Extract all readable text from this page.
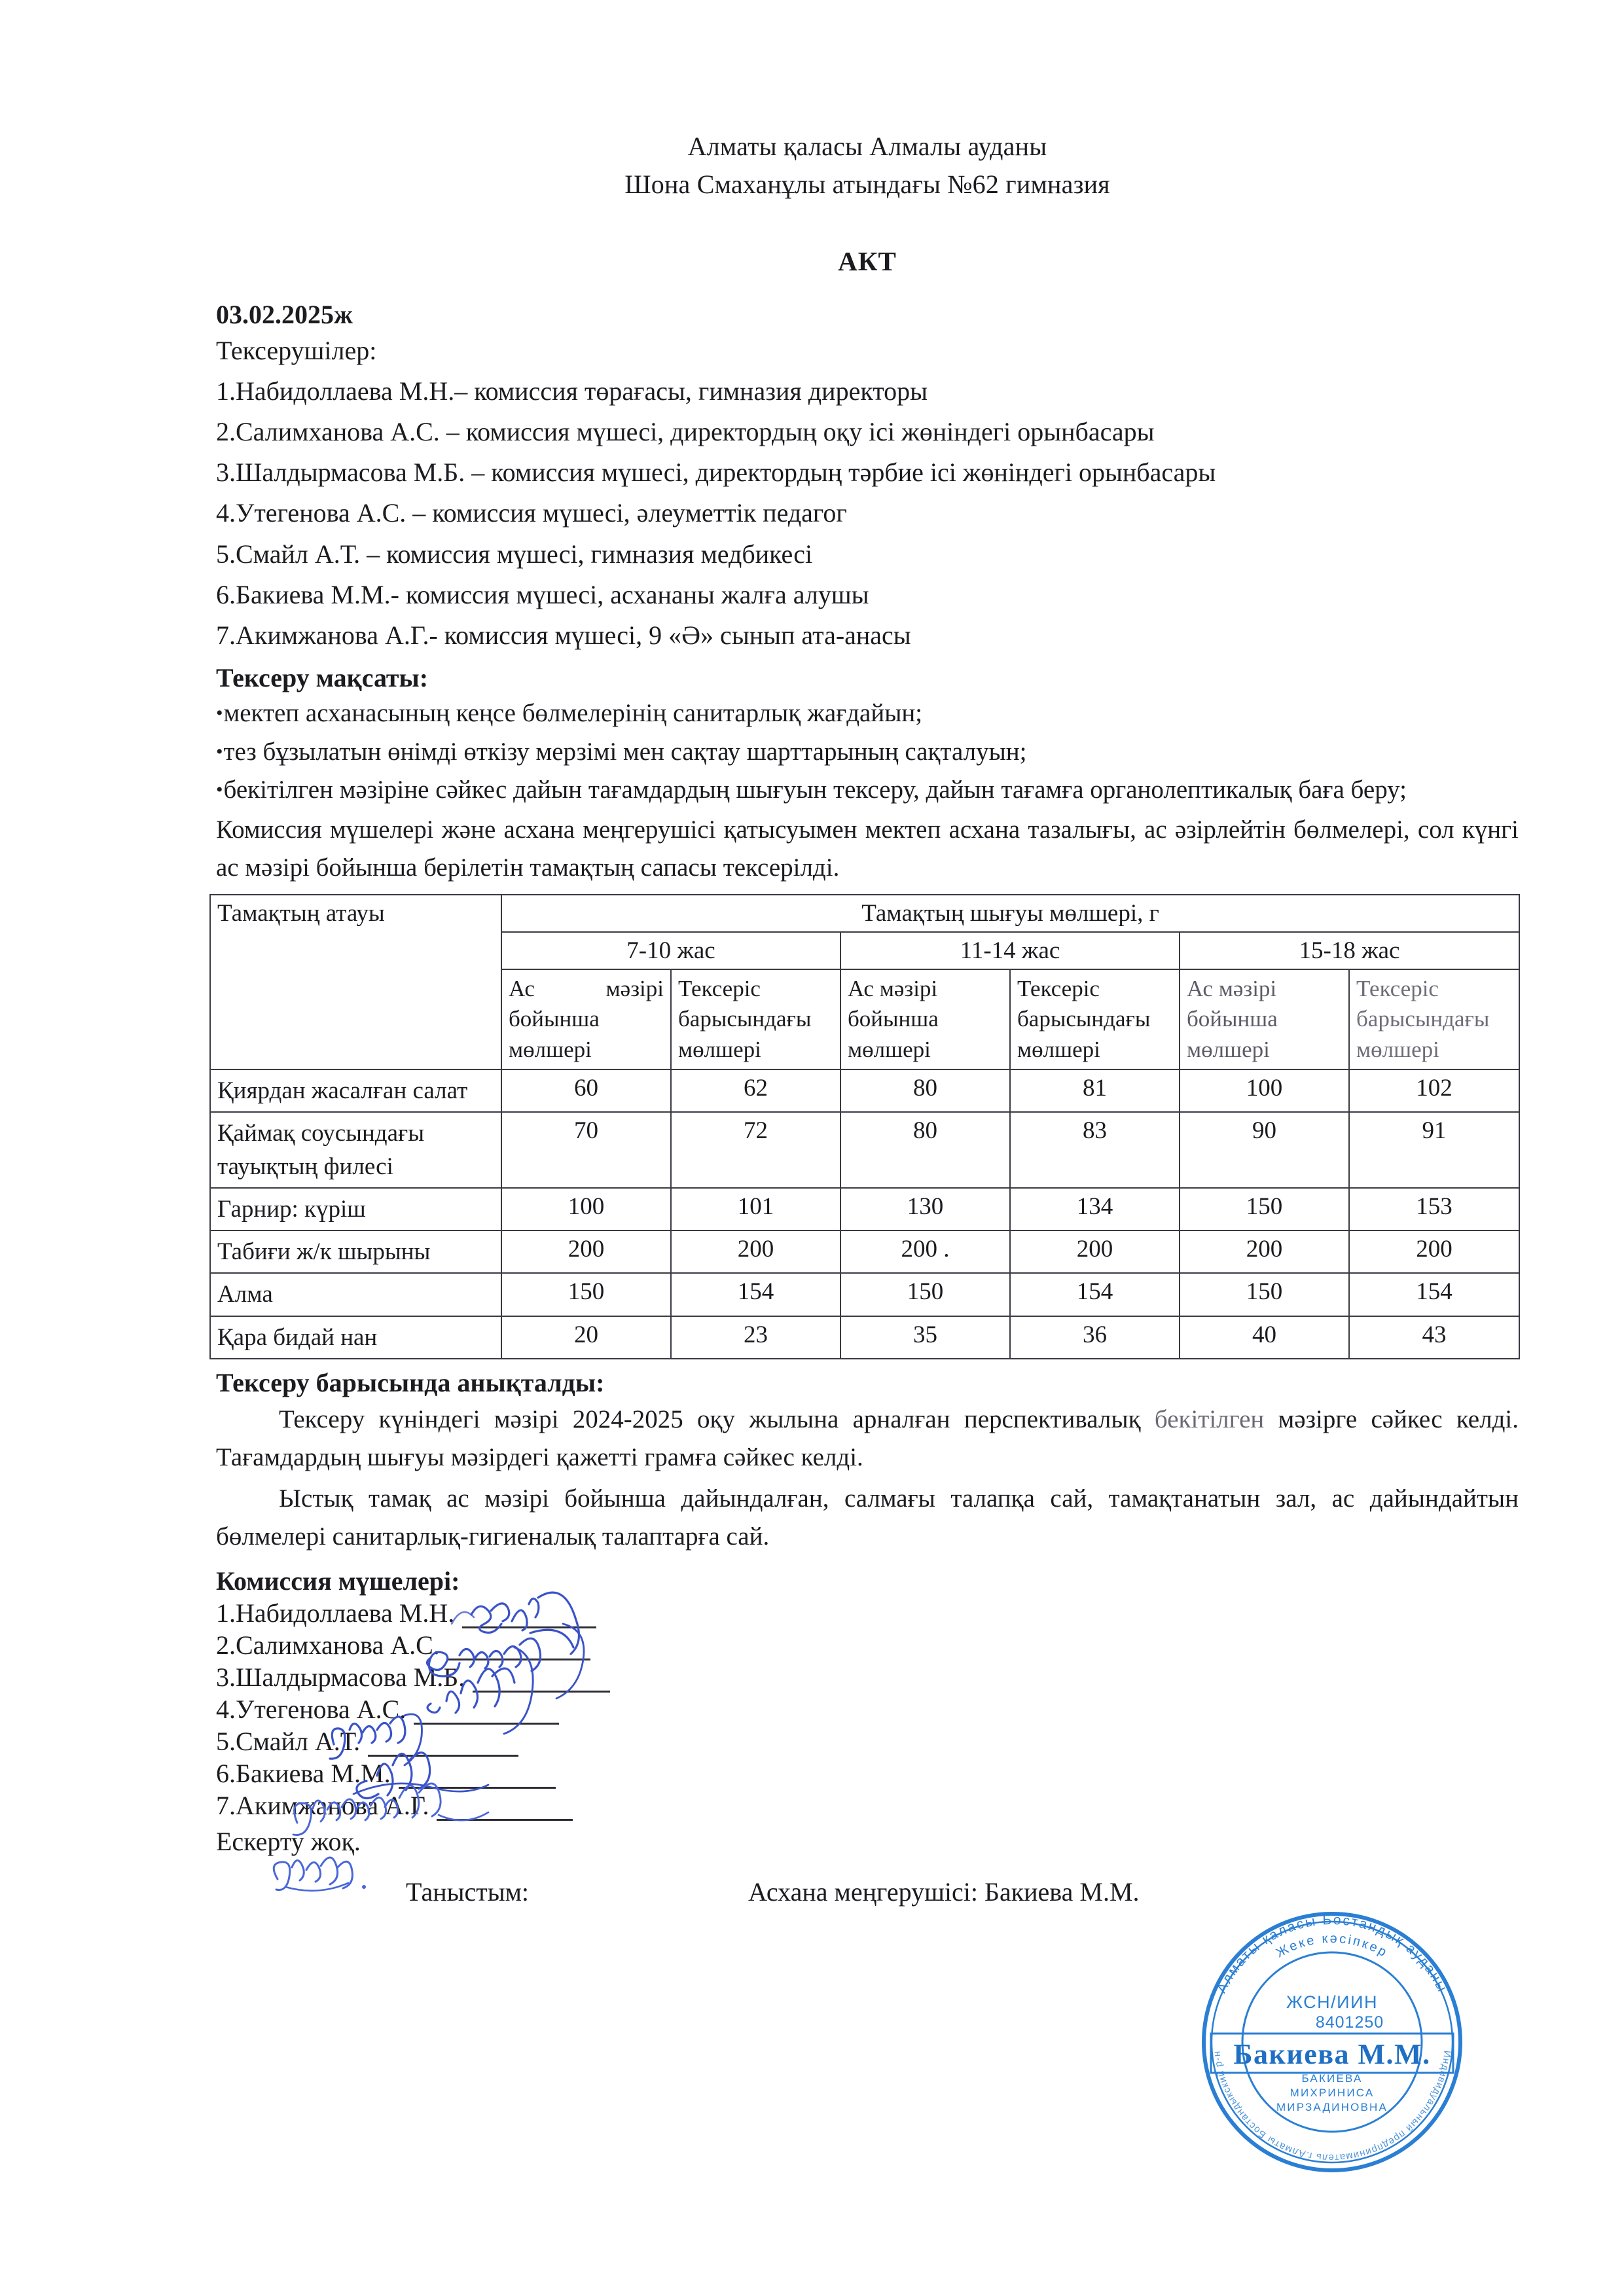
Алматы қаласы Алмалы ауданы
Шона Смаханұлы атындағы №62 гимназия
АКТ
03.02.2025ж
Тексерушілер:
1.Набидоллаева М.Н.– комиссия төрағасы, гимназия директоры
2.Салимханова А.С. – комиссия мүшесі, директордың оқу ісі жөніндегі орынбасары
3.Шалдырмасова М.Б. – комиссия мүшесі, директордың тәрбие ісі жөніндегі орынбасары
4.Утегенова А.С. – комиссия мүшесі, әлеуметтік педагог
5.Смайл А.Т. – комиссия мүшесі, гимназия медбикесі
6.Бакиева М.М.- комиссия мүшесі, асхананы жалға алушы
7.Акимжанова А.Г.- комиссия мүшесі, 9 «Ә» сынып ата-анасы
Тексеру мақсаты:

• мектеп асханасының кеңсе бөлмелерінің санитарлық жағдайын;

• тез бұзылатын өнімді өткізу мерзімі мен сақтау шарттарының сақталуын;

• бекітілген мәзіріне сәйкес дайын тағамдардың шығуын тексеру, дайын тағамға органолептикалық баға беру;

Комиссия мүшелері және асхана меңгерушісі қатысуымен мектеп асхана тазалығы, ас әзірлейтін бөлмелері, сол күнгі ас мәзірі бойынша берілетін тамақтың сапасы тексерілді.
Тамақтың атауы	Тамақтың шығуы мөлшері, г					
	7-10 жас		11-14 жас		15-18 жас	
	Ас     мәзірі бойынша мөлшері	Тексеріс барысындағы мөлшері	Ас мәзірі бойынша мөлшері	Тексеріс барысындағы мөлшері	Ас мәзірі бойынша мөлшері	Тексеріс барысындағы мөлшері
Қиярдан жасалған салат	60	62	80	81	100	102
Қаймақ соусындағы тауықтың филесі	70	72	80	83	90	91
Гарнир: күріш	100	101	130	134	150	153
Табиғи ж/к шырыны	200	200	200 .	200	200	200
Алма	150	154	150	154	150	154
Қара бидай нан	20	23	35	36	40	43
Тексеру барысында анықталды:
Тексеру күніндегі мәзірі 2024-2025 оқу жылына арналған перспективалық бекітілген мәзірге сәйкес келді. Тағамдардың шығуы мәзірдегі қажетті грамға сәйкес келді.
Ыстық тамақ ас мәзірі бойынша дайындалған, салмағы талапқа сай, тамақтанатын зал, ас дайындайтын бөлмелері санитарлық-гигиеналық талаптарға сай.
Комиссия мүшелері:
1.Набидоллаева М.Н.
2.Салимханова А.С.
3.Шалдырмасова М.Б.
4.Утегенова А.С.
5.Смайл А.Т.
6.Бакиева М.М.
7.Акимжанова А.Г.
Ескерту жоқ.
Таныстым:	Асхана меңгерушісі: Бакиева М.М.
Алматы қаласы Бостандық ауданы
Жеке кәсіпкер
Индивидуальный предприниматель г.Алматы Бостандыкский р-н
ЖСН/ИИН
8401250
БАКИЕВА
МИХРИНИСА
МИРЗАДИНОВНА
Бакиева М.М.
